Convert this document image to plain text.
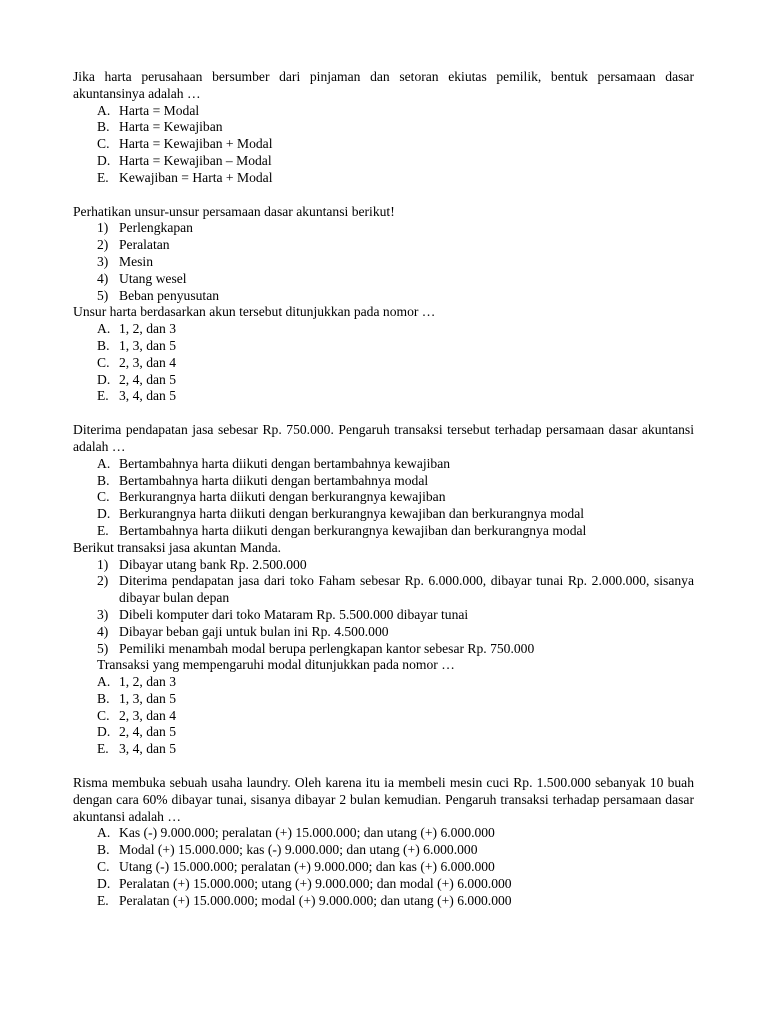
Jika harta perusahaan bersumber dari pinjaman dan setoran ekiutas pemilik, bentuk persamaan dasar akuntansinya adalah …

A. Harta = Modal
B. Harta = Kewajiban
C. Harta = Kewajiban + Modal
D. Harta = Kewajiban – Modal
E. Kewajiban = Harta + Modal

Perhatikan unsur-unsur persamaan dasar akuntansi berikut!

1) Perlengkapan
2) Peralatan
3) Mesin
4) Utang wesel
5) Beban penyusutan

Unsur harta berdasarkan akun tersebut ditunjukkan pada nomor …

A. 1, 2, dan 3
B. 1, 3, dan 5
C. 2, 3, dan 4
D. 2, 4, dan 5
E. 3, 4, dan 5

Diterima pendapatan jasa sebesar Rp. 750.000. Pengaruh transaksi tersebut terhadap persamaan dasar akuntansi adalah …

A. Bertambahnya harta diikuti dengan bertambahnya kewajiban
B. Bertambahnya harta diikuti dengan bertambahnya modal
C. Berkurangnya harta diikuti dengan berkurangnya kewajiban
D. Berkurangnya harta diikuti dengan berkurangnya kewajiban dan berkurangnya modal
E. Bertambahnya harta diikuti dengan berkurangnya kewajiban dan berkurangnya modal

Berikut transaksi jasa akuntan Manda.

1) Dibayar utang bank Rp. 2.500.000
2) Diterima pendapatan jasa dari toko Faham sebesar Rp. 6.000.000, dibayar tunai Rp. 2.000.000, sisanya dibayar bulan depan
3) Dibeli komputer dari toko Mataram Rp. 5.500.000 dibayar tunai
4) Dibayar beban gaji untuk bulan ini Rp. 4.500.000
5) Pemiliki menambah modal berupa perlengkapan kantor sebesar Rp. 750.000

Transaksi yang mempengaruhi modal ditunjukkan pada nomor …

A. 1, 2, dan 3
B. 1, 3, dan 5
C. 2, 3, dan 4
D. 2, 4, dan 5
E. 3, 4, dan 5

Risma membuka sebuah usaha laundry. Oleh karena itu ia membeli mesin cuci Rp. 1.500.000 sebanyak 10 buah dengan cara 60% dibayar tunai, sisanya dibayar 2 bulan kemudian. Pengaruh transaksi terhadap persamaan dasar akuntansi adalah …

A. Kas (-) 9.000.000; peralatan (+) 15.000.000; dan utang (+) 6.000.000
B. Modal (+) 15.000.000; kas (-) 9.000.000; dan utang (+) 6.000.000
C. Utang (-) 15.000.000; peralatan (+) 9.000.000; dan kas (+) 6.000.000
D. Peralatan (+) 15.000.000; utang (+) 9.000.000; dan modal (+) 6.000.000
E. Peralatan (+) 15.000.000; modal (+) 9.000.000; dan utang (+) 6.000.000
